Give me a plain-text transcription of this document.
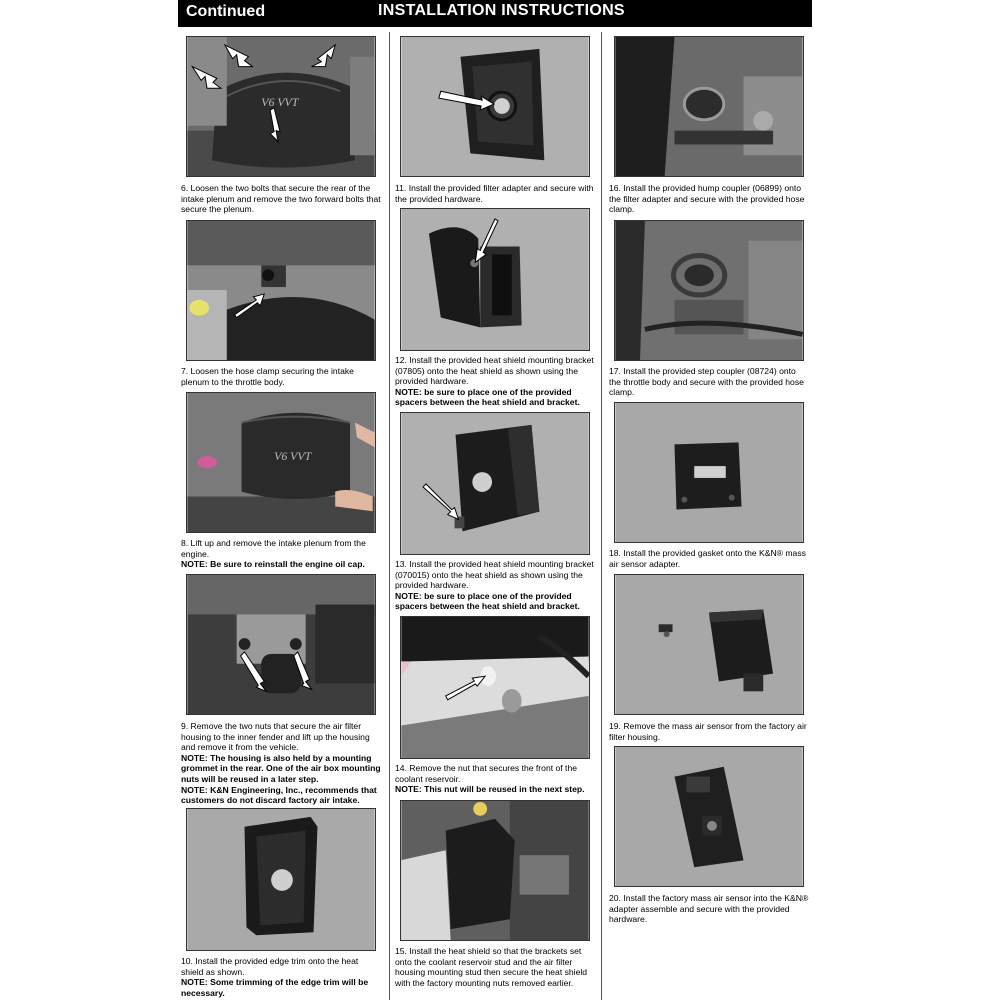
Continued	INSTALLATION INSTRUCTIONS
V6 VVT
6. Loosen the two bolts that secure the rear of the intake plenum and remove the two forward bolts that secure the plenum.
7. Loosen the hose clamp securing the intake plenum to the throttle body.
V6 VVT
8. Lift up and remove the intake plenum from the engine.
NOTE: Be sure to reinstall the engine oil cap.
9. Remove the two nuts that secure the air filter housing to the inner fender and lift up the housing and remove it from the vehicle.
NOTE: The housing is also held by a mounting grommet in the rear. One of the air box mounting nuts will be reused in a later step.
NOTE: K&N Engineering, Inc., recommends that customers do not discard factory air intake.
10. Install the provided edge trim onto the heat shield as shown.
NOTE: Some trimming of the edge trim will be necessary.
11. Install the provided filter adapter and secure with the provided hardware.
12. Install the provided heat shield mounting bracket (07805) onto the heat shield as shown using the provided hardware.
NOTE: be sure to place one of the provided spacers between the heat shield and bracket.
13. Install the provided heat shield mounting bracket (070015) onto the heat shield as shown using the provided hardware.
NOTE: be sure to place one of the provided spacers between the heat shield and bracket.
14. Remove the nut that secures the front of the coolant reservoir.
NOTE: This nut will be reused in the next step.
15. Install the heat shield so that the brackets set onto the coolant reservoir stud and the air filter housing mounting stud then secure the heat shield with the factory mounting nuts removed earlier.
16. Install the provided hump coupler (06899) onto the filter adapter and secure with the provided hose clamp.
17. Install the provided step coupler (08724) onto the throttle body and secure with the provided hose clamp.
18. Install the provided gasket onto the K&N® mass air sensor adapter.
19. Remove the mass air sensor from the factory air filter housing.
20. Install the factory mass air sensor into the K&N® adapter assemble and secure with the provided hardware.
